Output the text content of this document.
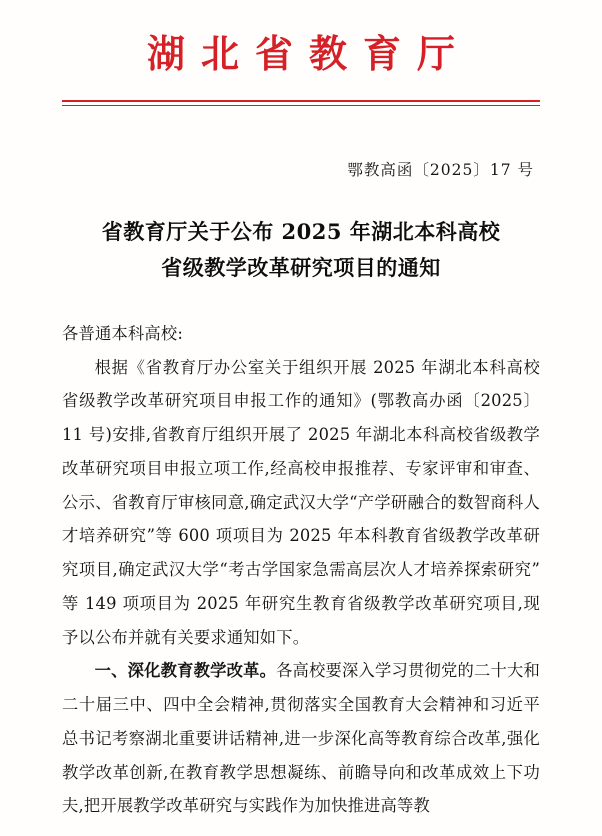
湖北省教育厅
鄂教高函〔2025〕17 号
省教育厅关于公布 2025 年湖北本科高校
省级教学改革研究项目的通知

各普通本科高校:

根据《省教育厅办公室关于组织开展 2025 年湖北本科高校省级教学改革研究项目申报工作的通知》(鄂教高办函〔2025〕11 号)安排,省教育厅组织开展了 2025 年湖北本科高校省级教学改革研究项目申报立项工作,经高校申报推荐、专家评审和审查、公示、省教育厅审核同意,确定武汉大学“产学研融合的数智商科人才培养研究”等 600 项项目为 2025 年本科教育省级教学改革研究项目,确定武汉大学“考古学国家急需高层次人才培养探索研究”等 149 项项目为 2025 年研究生教育省级教学改革研究项目,现予以公布并就有关要求通知如下。

一、深化教育教学改革。各高校要深入学习贯彻党的二十大和二十届三中、四中全会精神,贯彻落实全国教育大会精神和习近平总书记考察湖北重要讲话精神,进一步深化高等教育综合改革,强化教学改革创新,在教育教学思想凝练、前瞻导向和改革成效上下功夫,把开展教学改革研究与实践作为加快推进高等教
